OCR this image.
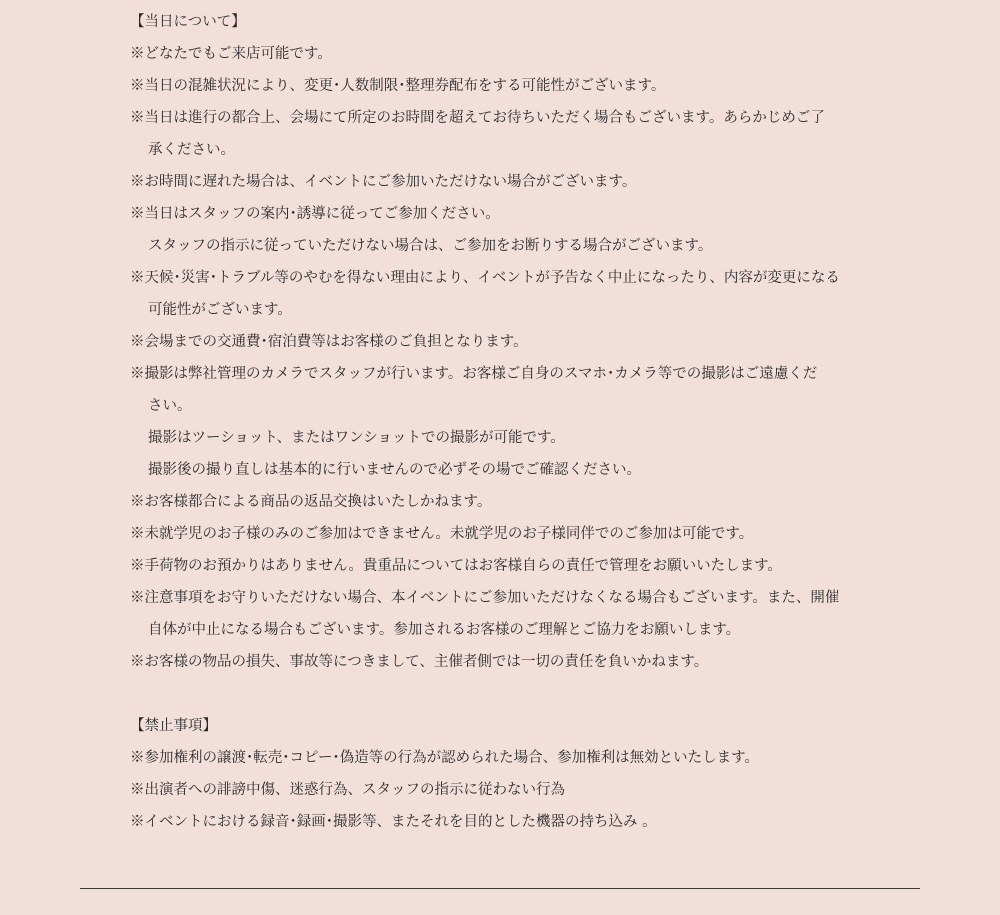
【当日について】
※どなたでもご来店可能です。
※当日の混雑状況により、変更･人数制限･整理券配布をする可能性がございます。
※当日は進行の都合上、会場にて所定のお時間を超えてお待ちいただく場合もございます。あらかじめご了
承ください。
※お時間に遅れた場合は、イベントにご参加いただけない場合がございます。
※当日はスタッフの案内･誘導に従ってご参加ください。
スタッフの指示に従っていただけない場合は、ご参加をお断りする場合がございます。
※天候･災害･トラブル等のやむを得ない理由により、イベントが予告なく中止になったり、内容が変更になる
可能性がございます。
※会場までの交通費･宿泊費等はお客様のご負担となります。
※撮影は弊社管理のカメラでスタッフが行います。お客様ご自身のスマホ･カメラ等での撮影はご遠慮くだ
さい。
撮影はツーショット、またはワンショットでの撮影が可能です。
撮影後の撮り直しは基本的に行いませんので必ずその場でご確認ください。
※お客様都合による商品の返品交換はいたしかねます。
※未就学児のお子様のみのご参加はできません。未就学児のお子様同伴でのご参加は可能です。
※手荷物のお預かりはありません。貴重品についてはお客様自らの責任で管理をお願いいたします。
※注意事項をお守りいただけない場合、本イベントにご参加いただけなくなる場合もございます。また、開催
自体が中止になる場合もございます。参加されるお客様のご理解とご協力をお願いします。
※お客様の物品の損失、事故等につきまして、主催者側では一切の責任を負いかねます。
【禁止事項】
※参加権利の譲渡･転売･コピー･偽造等の行為が認められた場合、参加権利は無効といたします。
※出演者への誹謗中傷、迷惑行為、スタッフの指示に従わない行為
※イベントにおける録音･録画･撮影等、またそれを目的とした機器の持ち込み 。
